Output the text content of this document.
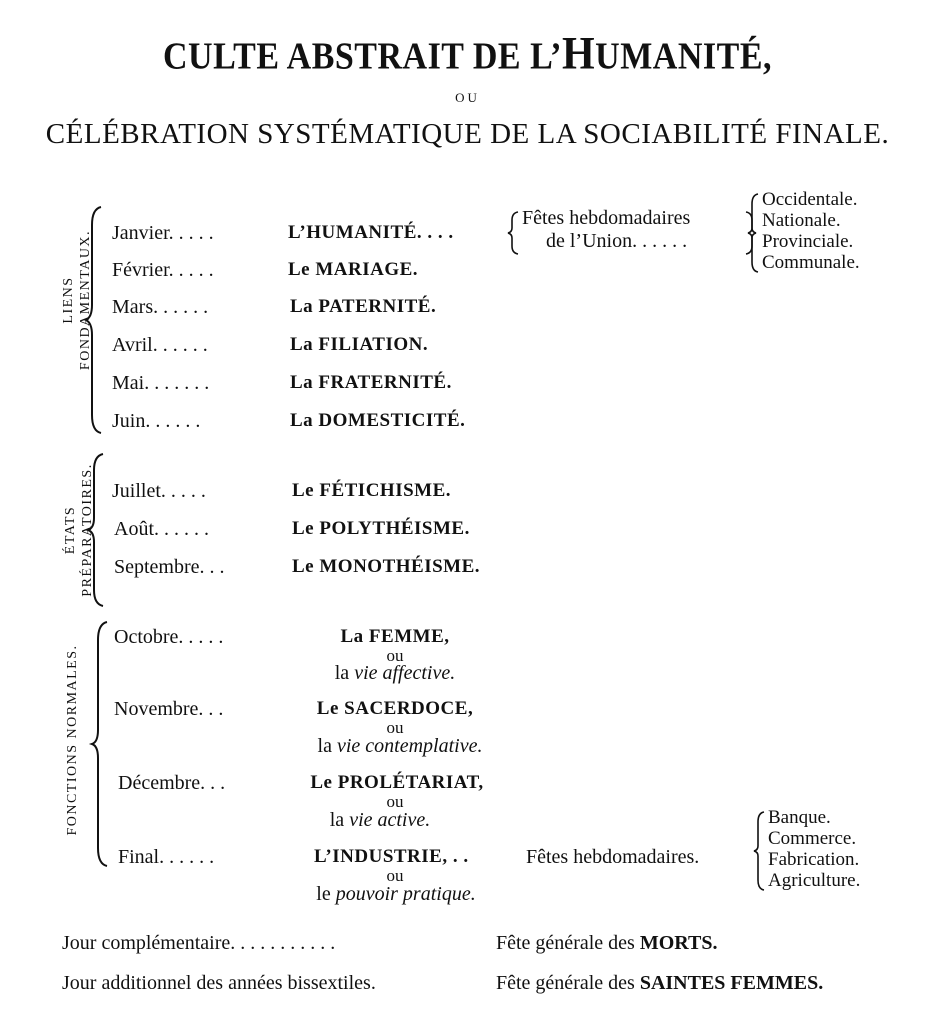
CULTE ABSTRAIT DE L’HUMANITÉ,
OU
CÉLÉBRATION SYSTÉMATIQUE DE LA SOCIABILITÉ FINALE.
LIENS FONDAMENTAUX.
ÉTATS PRÉPARATOIRES.
FONCTIONS NORMALES.
Janvier. . . . .
Février. . . . .
Mars. . . . . .
Avril. . . . . .
Mai. . . . . . .
Juin. . . . . .
L’HUMANITÉ. . . .
Le MARIAGE.
La PATERNITÉ.
La FILIATION.
La FRATERNITÉ.
La DOMESTICITÉ.
Fêtes hebdomadaires
de l’Union. . . . . .
Occidentale.
Nationale.
Provinciale.
Communale.
Juillet. . . . .
Août. . . . . .
Septembre. . .
Le FÉTICHISME.
Le POLYTHÉISME.
Le MONOTHÉISME.
Octobre. . . . .
Novembre. . .
Décembre. . .
Final. . . . . .
La FEMME,
ou
la vie affective.
Le SACERDOCE,
ou
la vie contemplative.
Le PROLÉTARIAT,
ou
la vie active.
L’INDUSTRIE, . .
ou
le pouvoir pratique.
Fêtes hebdomadaires.
Banque.
Commerce.
Fabrication.
Agriculture.
Jour complémentaire. . . . . . . . . . .	Fête générale des MORTS.
Jour additionnel des années bissextiles.	Fête générale des SAINTES FEMMES.
